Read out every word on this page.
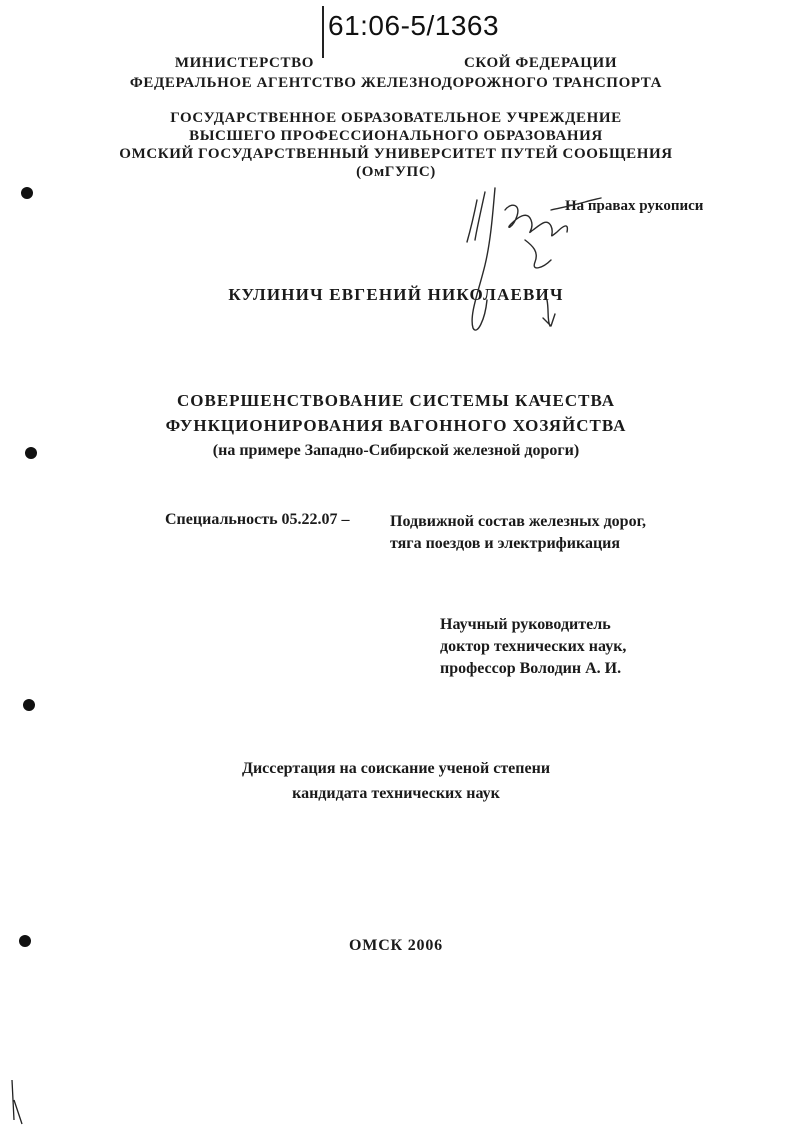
61:06-5/1363
МИНИСТЕРСТВО	СКОЙ ФЕДЕРАЦИИ
ФЕДЕРАЛЬНОЕ АГЕНТСТВО ЖЕЛЕЗНОДОРОЖНОГО ТРАНСПОРТА
ГОСУДАРСТВЕННОЕ ОБРАЗОВАТЕЛЬНОЕ УЧРЕЖДЕНИЕ
ВЫСШЕГО ПРОФЕССИОНАЛЬНОГО ОБРАЗОВАНИЯ
ОМСКИЙ ГОСУДАРСТВЕННЫЙ УНИВЕРСИТЕТ ПУТЕЙ СООБЩЕНИЯ
(ОмГУПС)
На правах рукописи
КУЛИНИЧ ЕВГЕНИЙ НИКОЛАЕВИЧ
СОВЕРШЕНСТВОВАНИЕ СИСТЕМЫ КАЧЕСТВА
ФУНКЦИОНИРОВАНИЯ ВАГОННОГО ХОЗЯЙСТВА
(на примере Западно-Сибирской железной дороги)
Специальность 05.22.07 –	Подвижной состав железных дорог,
тяга поездов и электрификация
Научный руководитель
доктор технических наук,
профессор Володин А. И.
Диссертация на соискание ученой степени
кандидата технических наук
ОМСК 2006
